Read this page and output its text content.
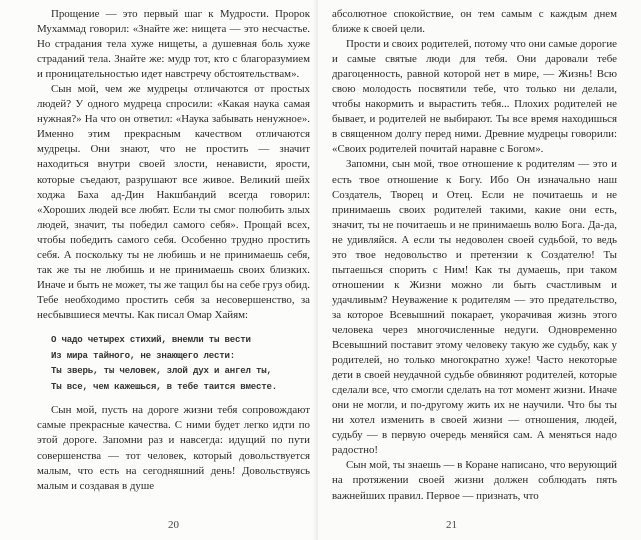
Прощение — это первый шаг к Мудрости. Пророк Мухаммад говорил: «Знайте же: нищета — это несчастье. Но страдания тела хуже нищеты, а душевная боль хуже страданий тела. Знайте же: мудр тот, кто с благоразумием и проницательностью идет навстречу обстоятельствам».

Сын мой, чем же мудрецы отличаются от простых людей? У одного мудреца спросили: «Какая наука самая нужная?» На что он ответил: «Наука забывать ненужное». Именно этим прекрасным качеством отличаются мудрецы. Они знают, что не простить — значит находиться внутри своей злости, ненависти, ярости, которые съедают, разрушают все живое. Великий шейх ходжа Баха ад-Дин Накшбандий всегда говорил: «Хороших людей все любят. Если ты смог полюбить злых людей, значит, ты победил самого себя». Прощай всех, чтобы победить самого себя. Особенно трудно простить себя. А поскольку ты не любишь и не принимаешь себя, так же ты не любишь и не принимаешь своих близких. Иначе и быть не может, ты же тащил бы на себе груз обид. Тебе необходимо простить себя за несовершенство, за несбывшиеся мечты. Как писал Омар Хайям:

О чадо четырех стихий, внемли ты вести
Из мира тайного, не знающего лести:
Ты зверь, ты человек, злой дух и ангел ты,
Ты все, чем кажешься, в тебе таится вместе.

Сын мой, пусть на дороге жизни тебя сопровождают самые прекрасные качества. С ними будет легко идти по этой дороге. Запомни раз и навсегда: идущий по пути совершенства — тот человек, который довольствуется малым, что есть на сегодняшний день! Довольствуясь малым и создавая в душе

20

абсолютное спокойствие, он тем самым с каждым днем ближе к своей цели.

Прости и своих родителей, потому что они самые дорогие и самые святые люди для тебя. Они даровали тебе драгоценность, равной которой нет в мире, — Жизнь! Всю свою молодость посвятили тебе, что только ни делали, чтобы накормить и вырастить тебя... Плохих родителей не бывает, и родителей не выбирают. Ты все время находишься в священном долгу перед ними. Древние мудрецы говорили: «Своих родителей почитай наравне с Богом».

Запомни, сын мой, твое отношение к родителям — это и есть твое отношение к Богу. Ибо Он изначально наш Создатель, Творец и Отец. Если не почитаешь и не принимаешь своих родителей такими, какие они есть, значит, ты не почитаешь и не принимаешь волю Бога. Да-да, не удивляйся. А если ты недоволен своей судьбой, то ведь это твое недовольство и претензии к Создателю! Ты пытаешься спорить с Ним! Как ты думаешь, при таком отношении к Жизни можно ли быть счастливым и удачливым? Неуважение к родителям — это предательство, за которое Всевышний покарает, укорачивая жизнь этого человека через многочисленные недуги. Одновременно Всевышний поставит этому человеку такую же судьбу, как у родителей, но только многократно хуже! Часто некоторые дети в своей неудачной судьбе обвиняют родителей, которые сделали все, что смогли сделать на тот момент жизни. Иначе они не могли, и по-другому жить их не научили. Что бы ты ни хотел изменить в своей жизни — отношения, людей, судьбу — в первую очередь меняйся сам. А меняться надо радостно!

Сын мой, ты знаешь — в Коране написано, что верующий на протяжении своей жизни должен соблюдать пять важнейших правил. Первое — признать, что

21
